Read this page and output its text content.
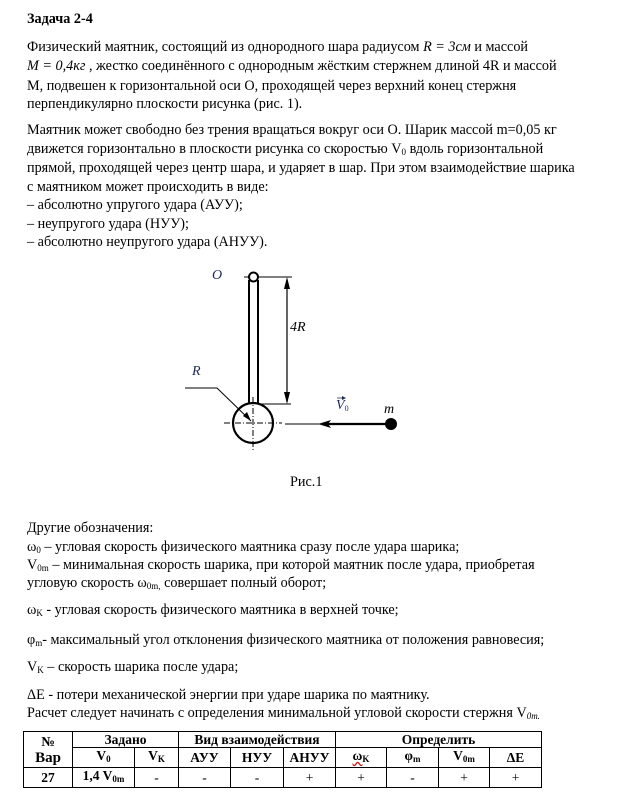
Задача 2-4
Физический маятник, состоящий из однородного шара радиусом R = 3см и массой
M = 0,4кг , жестко соединённого с однородным жёстким стержнем длиной 4R и массой
М, подвешен к горизонтальной оси О, проходящей через верхний конец стержня
перпендикулярно плоскости рисунка (рис. 1).
Маятник может свободно без трения вращаться вокруг оси О. Шарик массой m=0,05 кг
движется горизонтально в плоскости рисунка со скоростью $V_0$ вдоль горизонтальной
прямой, проходящей через центр шара, и ударяет в шар. При этом взаимодействие шарика
с маятником может происходить в виде:
– абсолютно упругого удара (АУУ);
– неупругого удара (НУУ);
– абсолютно неупругого удара (АНУУ).
O
4R
R
$V_0$	m
Рис.1
Другие обозначения:
$\omega_0$ – угловая скорость физического маятника сразу после удара шарика;
$V_{0m}$ – минимальная скорость шарика, при которой маятник после удара, приобретая
угловую скорость $\omega_{0m,}$ совершает полный оборот;
$\omega_K$ - угловая скорость физического маятника в верхней точке;
$\varphi_m-$ максимальный угол отклонения физического маятника от положения равновесия;
$V_K$ – скорость шарика после удара;
ΔE - потери механической энергии при ударе шарика по маятнику.
Расчет следует начинать с определения минимальной угловой скорости стержня $V_{0m.}$
№
Вар	Задано		Вид взаимодействия			Определить			
	$V_0$	$V_K$	АУУ	НУУ	АНУУ	$\omega_K$	$\varphi_m$	$V_{0m}$	ΔE
27	1,4 $V_{0m}$	-	-	-	+	+	-	+	+
